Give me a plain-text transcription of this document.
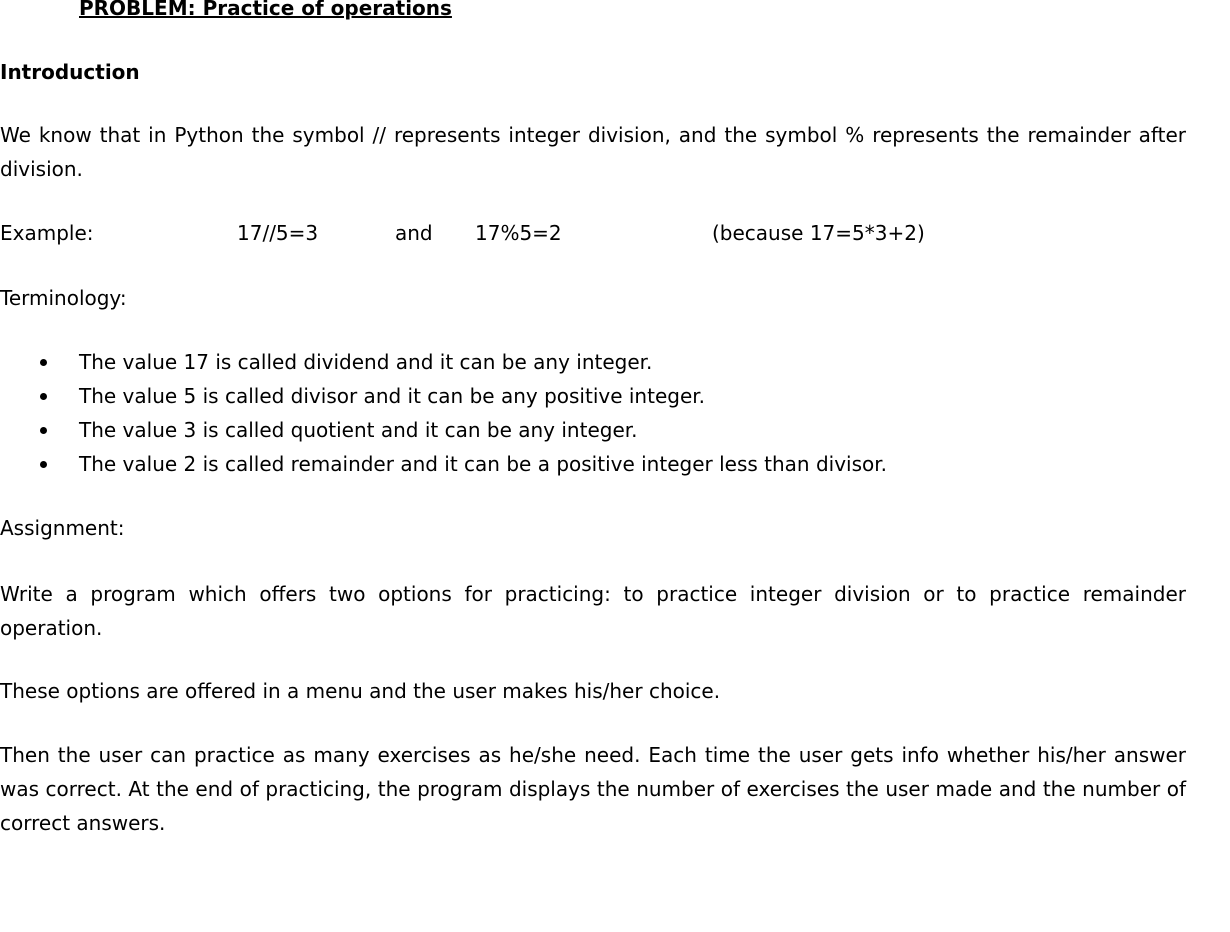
PROBLEM: Practice of operations
Introduction
We know that in Python the symbol // represents integer division, and the symbol % represents the remainder after division.
Example:	17//5=3	and 17%5=2	(because 17=5*3+2)
Terminology:
The value 17 is called dividend and it can be any integer.
The value 5 is called divisor and it can be any positive integer.
The value 3 is called quotient and it can be any integer.
The value 2 is called remainder and it can be a positive integer less than divisor.
Assignment:
Write a program which offers two options for practicing: to practice integer division or to practice remainder operation.
These options are offered in a menu and the user makes his/her choice.
Then the user can practice as many exercises as he/she need. Each time the user gets info whether his/her answer was correct. At the end of practicing, the program displays the number of exercises the user made and the number of correct answers.
